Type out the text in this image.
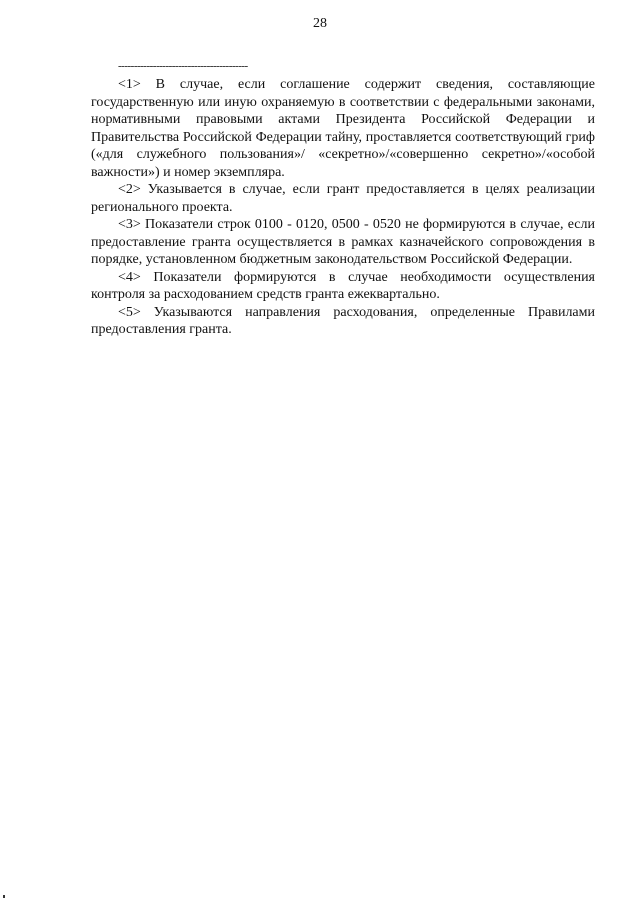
28
-----------------------------------------

<1> В случае, если соглашение содержит сведения, составляющие государственную или иную охраняемую в соответствии с федеральными законами, нормативными правовыми актами Президента Российской Федерации и Правительства Российской Федерации тайну, проставляется соответствующий гриф («для служебного пользования»/ «секретно»/«совершенно секретно»/«особой важности») и номер экземпляра.

<2> Указывается в случае, если грант предоставляется в целях реализации регионального проекта.

<3> Показатели строк 0100 - 0120, 0500 - 0520 не формируются в случае, если предоставление гранта осуществляется в рамках казначейского сопровождения в порядке, установленном бюджетным законодательством Российской Федерации.

<4> Показатели формируются в случае необходимости осуществления контроля за расходованием средств гранта ежеквартально.

<5> Указываются направления расходования, определенные Правилами предоставления гранта.
